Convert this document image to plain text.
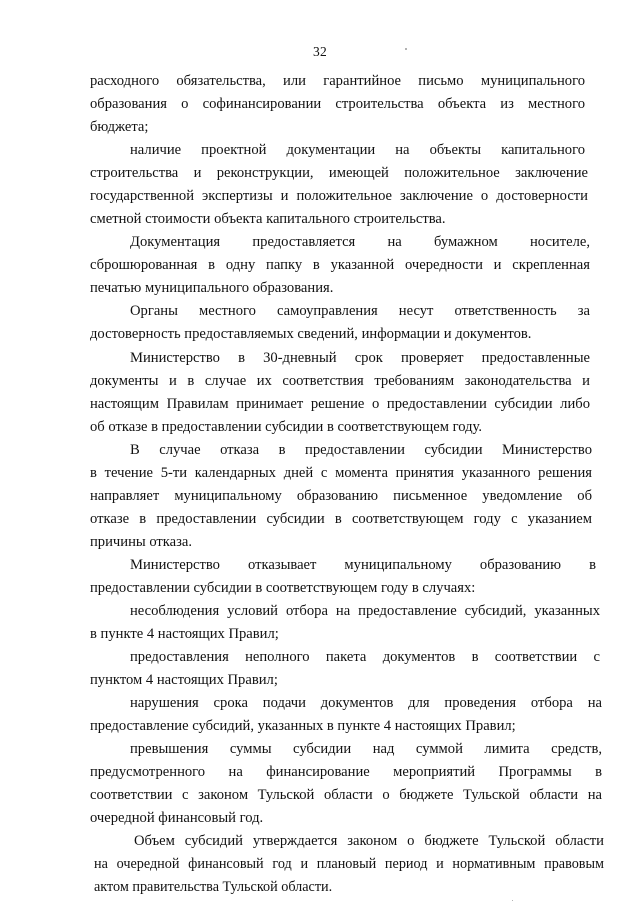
32
расходного обязательства, или гарантийное письмо муниципального
образования о софинансировании строительства объекта из местного
бюджета;
наличие проектной документации на объекты капитального
строительства и реконструкции, имеющей положительное заключение
государственной экспертизы и положительное заключение о достоверности
сметной стоимости объекта капитального строительства.
Документация предоставляется на бумажном носителе,
сброшюрованная в одну папку в указанной очередности и скрепленная
печатью муниципального образования.
Органы местного самоуправления несут ответственность за
достоверность предоставляемых сведений, информации и документов.
Министерство в 30-дневный срок проверяет предоставленные
документы и в случае их соответствия требованиям законодательства и
настоящим Правилам принимает решение о предоставлении субсидии либо
об отказе в предоставлении субсидии в соответствующем году.
В случае отказа в предоставлении субсидии Министерство
в течение 5-ти календарных дней с момента принятия указанного решения
направляет муниципальному образованию письменное уведомление об
отказе в предоставлении субсидии в соответствующем году с указанием
причины отказа.
Министерство отказывает муниципальному образованию в
предоставлении субсидии в соответствующем году в случаях:
несоблюдения условий отбора на предоставление субсидий, указанных
в пункте 4 настоящих Правил;
предоставления неполного пакета документов в соответствии с
пунктом 4 настоящих Правил;
нарушения срока подачи документов для проведения отбора на
предоставление субсидий, указанных в пункте 4 настоящих Правил;
превышения суммы субсидии над суммой лимита средств,
предусмотренного на финансирование мероприятий Программы в
соответствии с законом Тульской области о бюджете Тульской области на
очередной финансовый год.
Объем субсидий утверждается законом о бюджете Тульской области
на очередной финансовый год и плановый период и нормативным правовым
актом правительства Тульской области.
